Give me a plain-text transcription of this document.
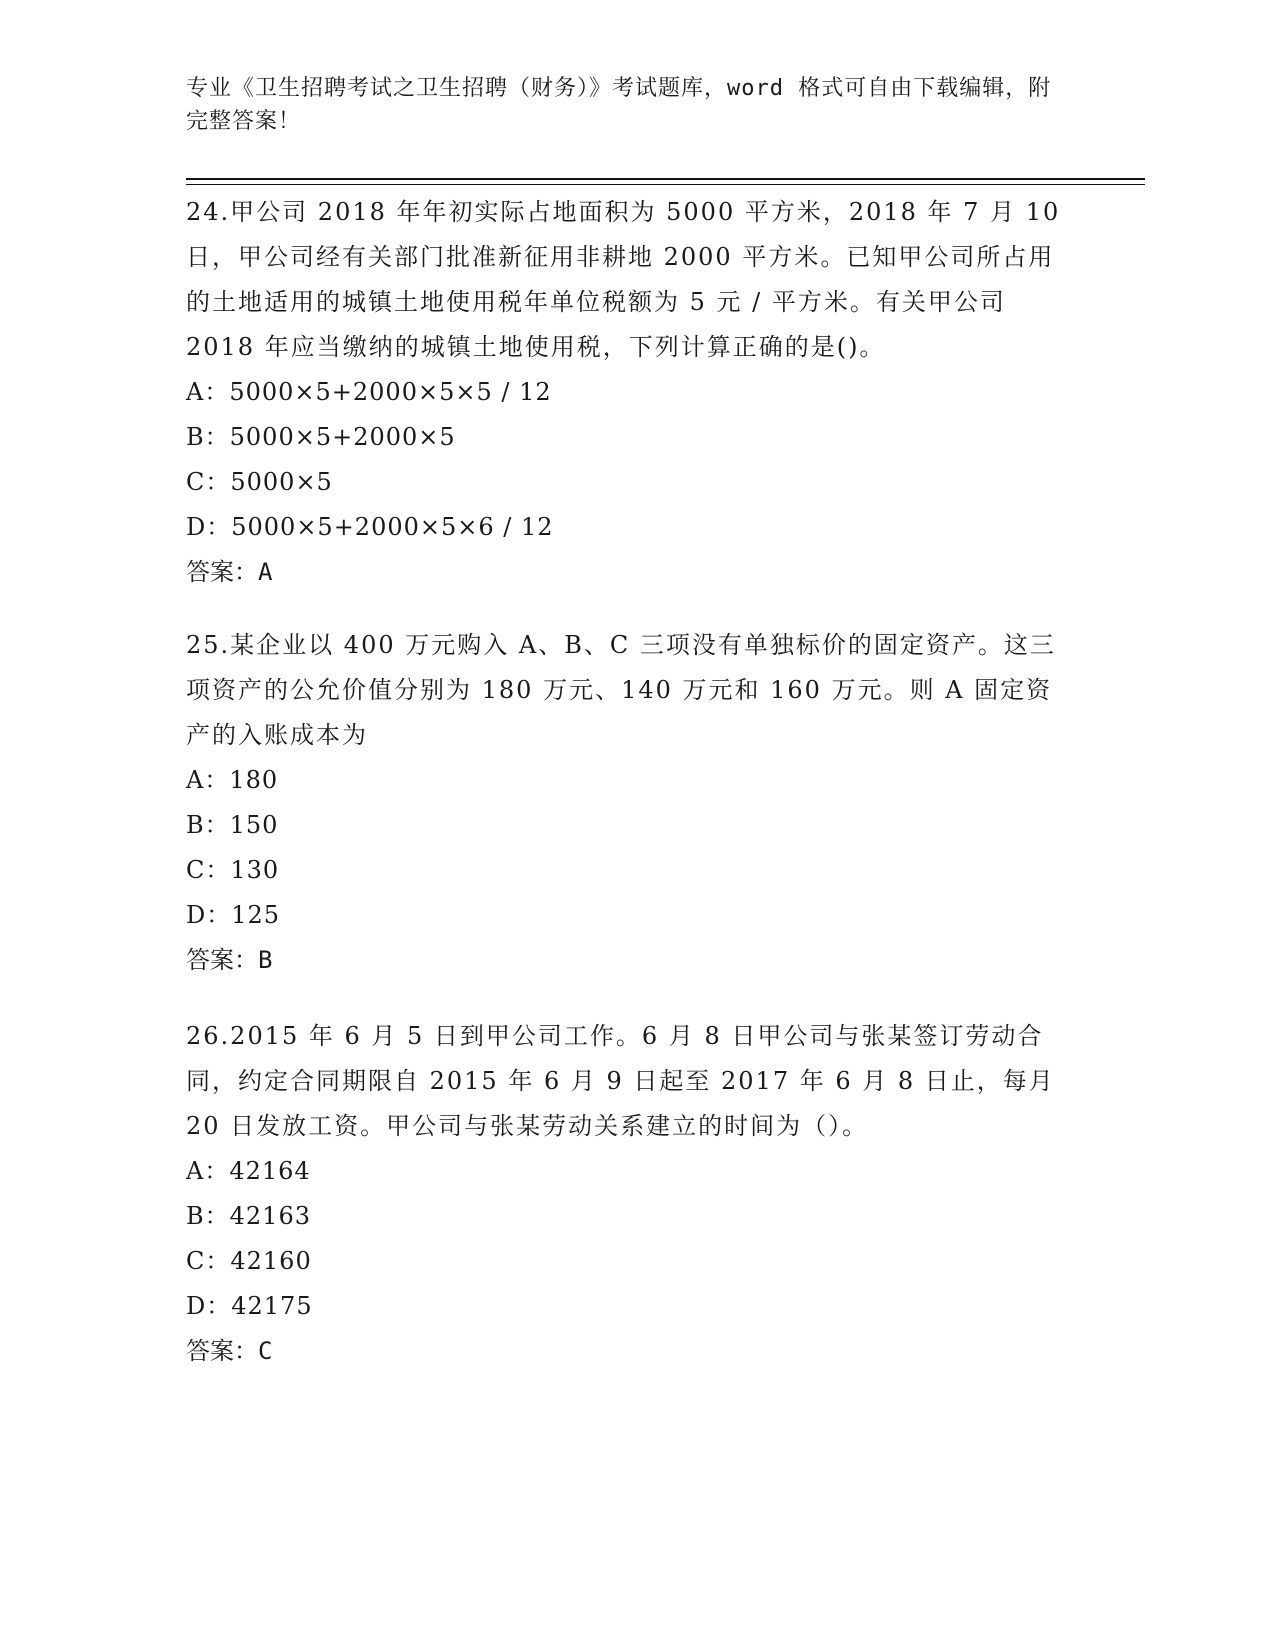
专业《卫生招聘考试之卫生招聘（财务）》考试题库，word 格式可自由下载编辑，附完整答案！

24.甲公司 2018 年年初实际占地面积为 5000 平方米，2018 年 7 月 10 日，甲公司经有关部门批准新征用非耕地 2000 平方米。已知甲公司所占用的土地适用的城镇土地使用税年单位税额为 5 元 / 平方米。有关甲公司 2018 年应当缴纳的城镇土地使用税，下列计算正确的是()。

A：5000×5+2000×5×5 / 12

B：5000×5+2000×5

C：5000×5

D：5000×5+2000×5×6 / 12

答案：A

25.某企业以 400 万元购入 A、B、C 三项没有单独标价的固定资产。这三项资产的公允价值分别为 180 万元、140 万元和 160 万元。则 A 固定资产的入账成本为

A：180

B：150

C：130

D：125

答案：B

26.2015 年 6 月 5 日到甲公司工作。6 月 8 日甲公司与张某签订劳动合同，约定合同期限自 2015 年 6 月 9 日起至 2017 年 6 月 8 日止，每月 20 日发放工资。甲公司与张某劳动关系建立的时间为（）。

A：42164

B：42163

C：42160

D：42175

答案：C
